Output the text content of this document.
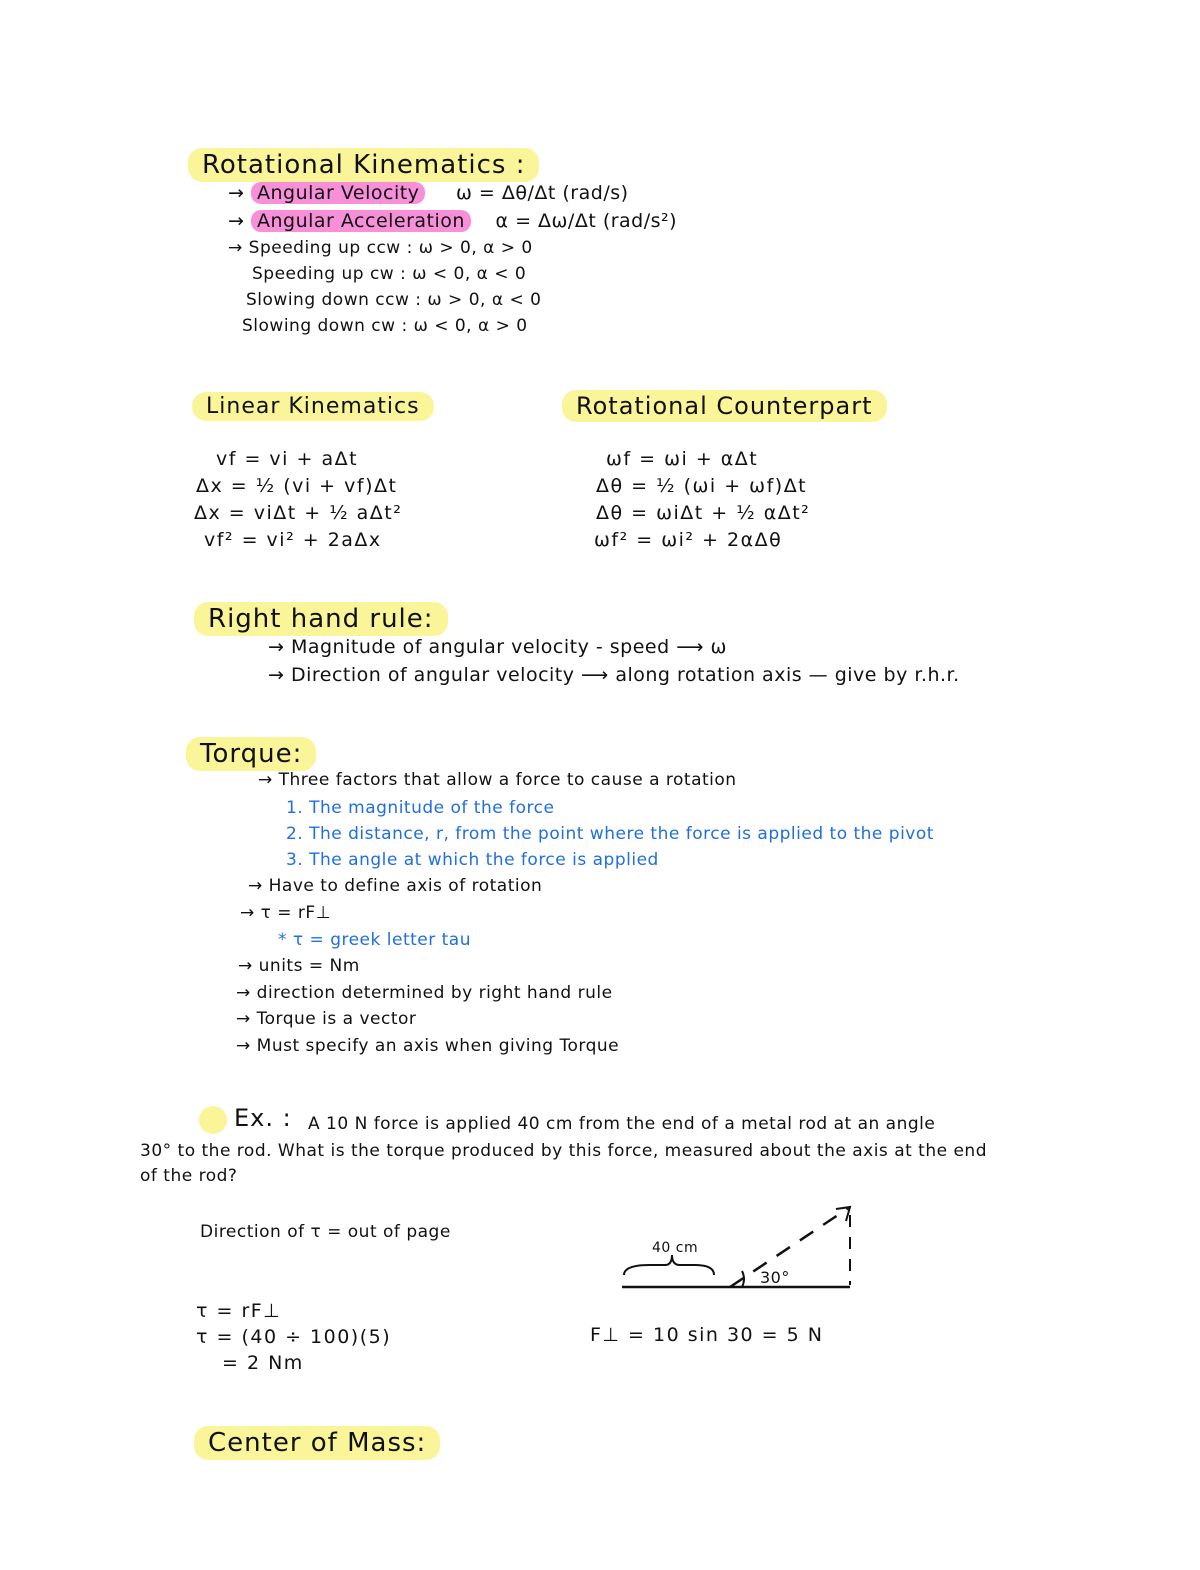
Rotational Kinematics :
→ Angular Velocity ω = Δθ/Δt (rad/s)
→ Angular Acceleration α = Δω/Δt (rad/s²)
→ Speeding up ccw : ω > 0, α > 0
Speeding up cw : ω < 0, α < 0
Slowing down ccw : ω > 0, α < 0
Slowing down cw : ω < 0, α > 0
Linear Kinematics
vf = vi + aΔt
Δx = ½ (vi + vf)Δt
Δx = viΔt + ½ aΔt²
vf² = vi² + 2aΔx
Rotational Counterpart
ωf = ωi + αΔt
Δθ = ½ (ωi + ωf)Δt
Δθ = ωiΔt + ½ αΔt²
ωf² = ωi² + 2αΔθ
Right hand rule:
→ Magnitude of angular velocity - speed ⟶ ω
→ Direction of angular velocity ⟶ along rotation axis — give by r.h.r.
Torque:
→ Three factors that allow a force to cause a rotation
1. The magnitude of the force
2. The distance, r, from the point where the force is applied to the pivot
3. The angle at which the force is applied
→ Have to define axis of rotation
→ τ = rF⊥
* τ = greek letter tau
→ units = Nm
→ direction determined by right hand rule
→ Torque is a vector
→ Must specify an axis when giving Torque
Ex. : A 10 N force is applied 40 cm from the end of a metal rod at an angle
30° to the rod. What is the torque produced by this force, measured about the axis at the end
of the rod?
Direction of τ = out of page
τ = rF⊥
τ = (40 ÷ 100)(5)
= 2 Nm
F⊥ = 10 sin 30 = 5 N
40 cm
30°
Center of Mass:
